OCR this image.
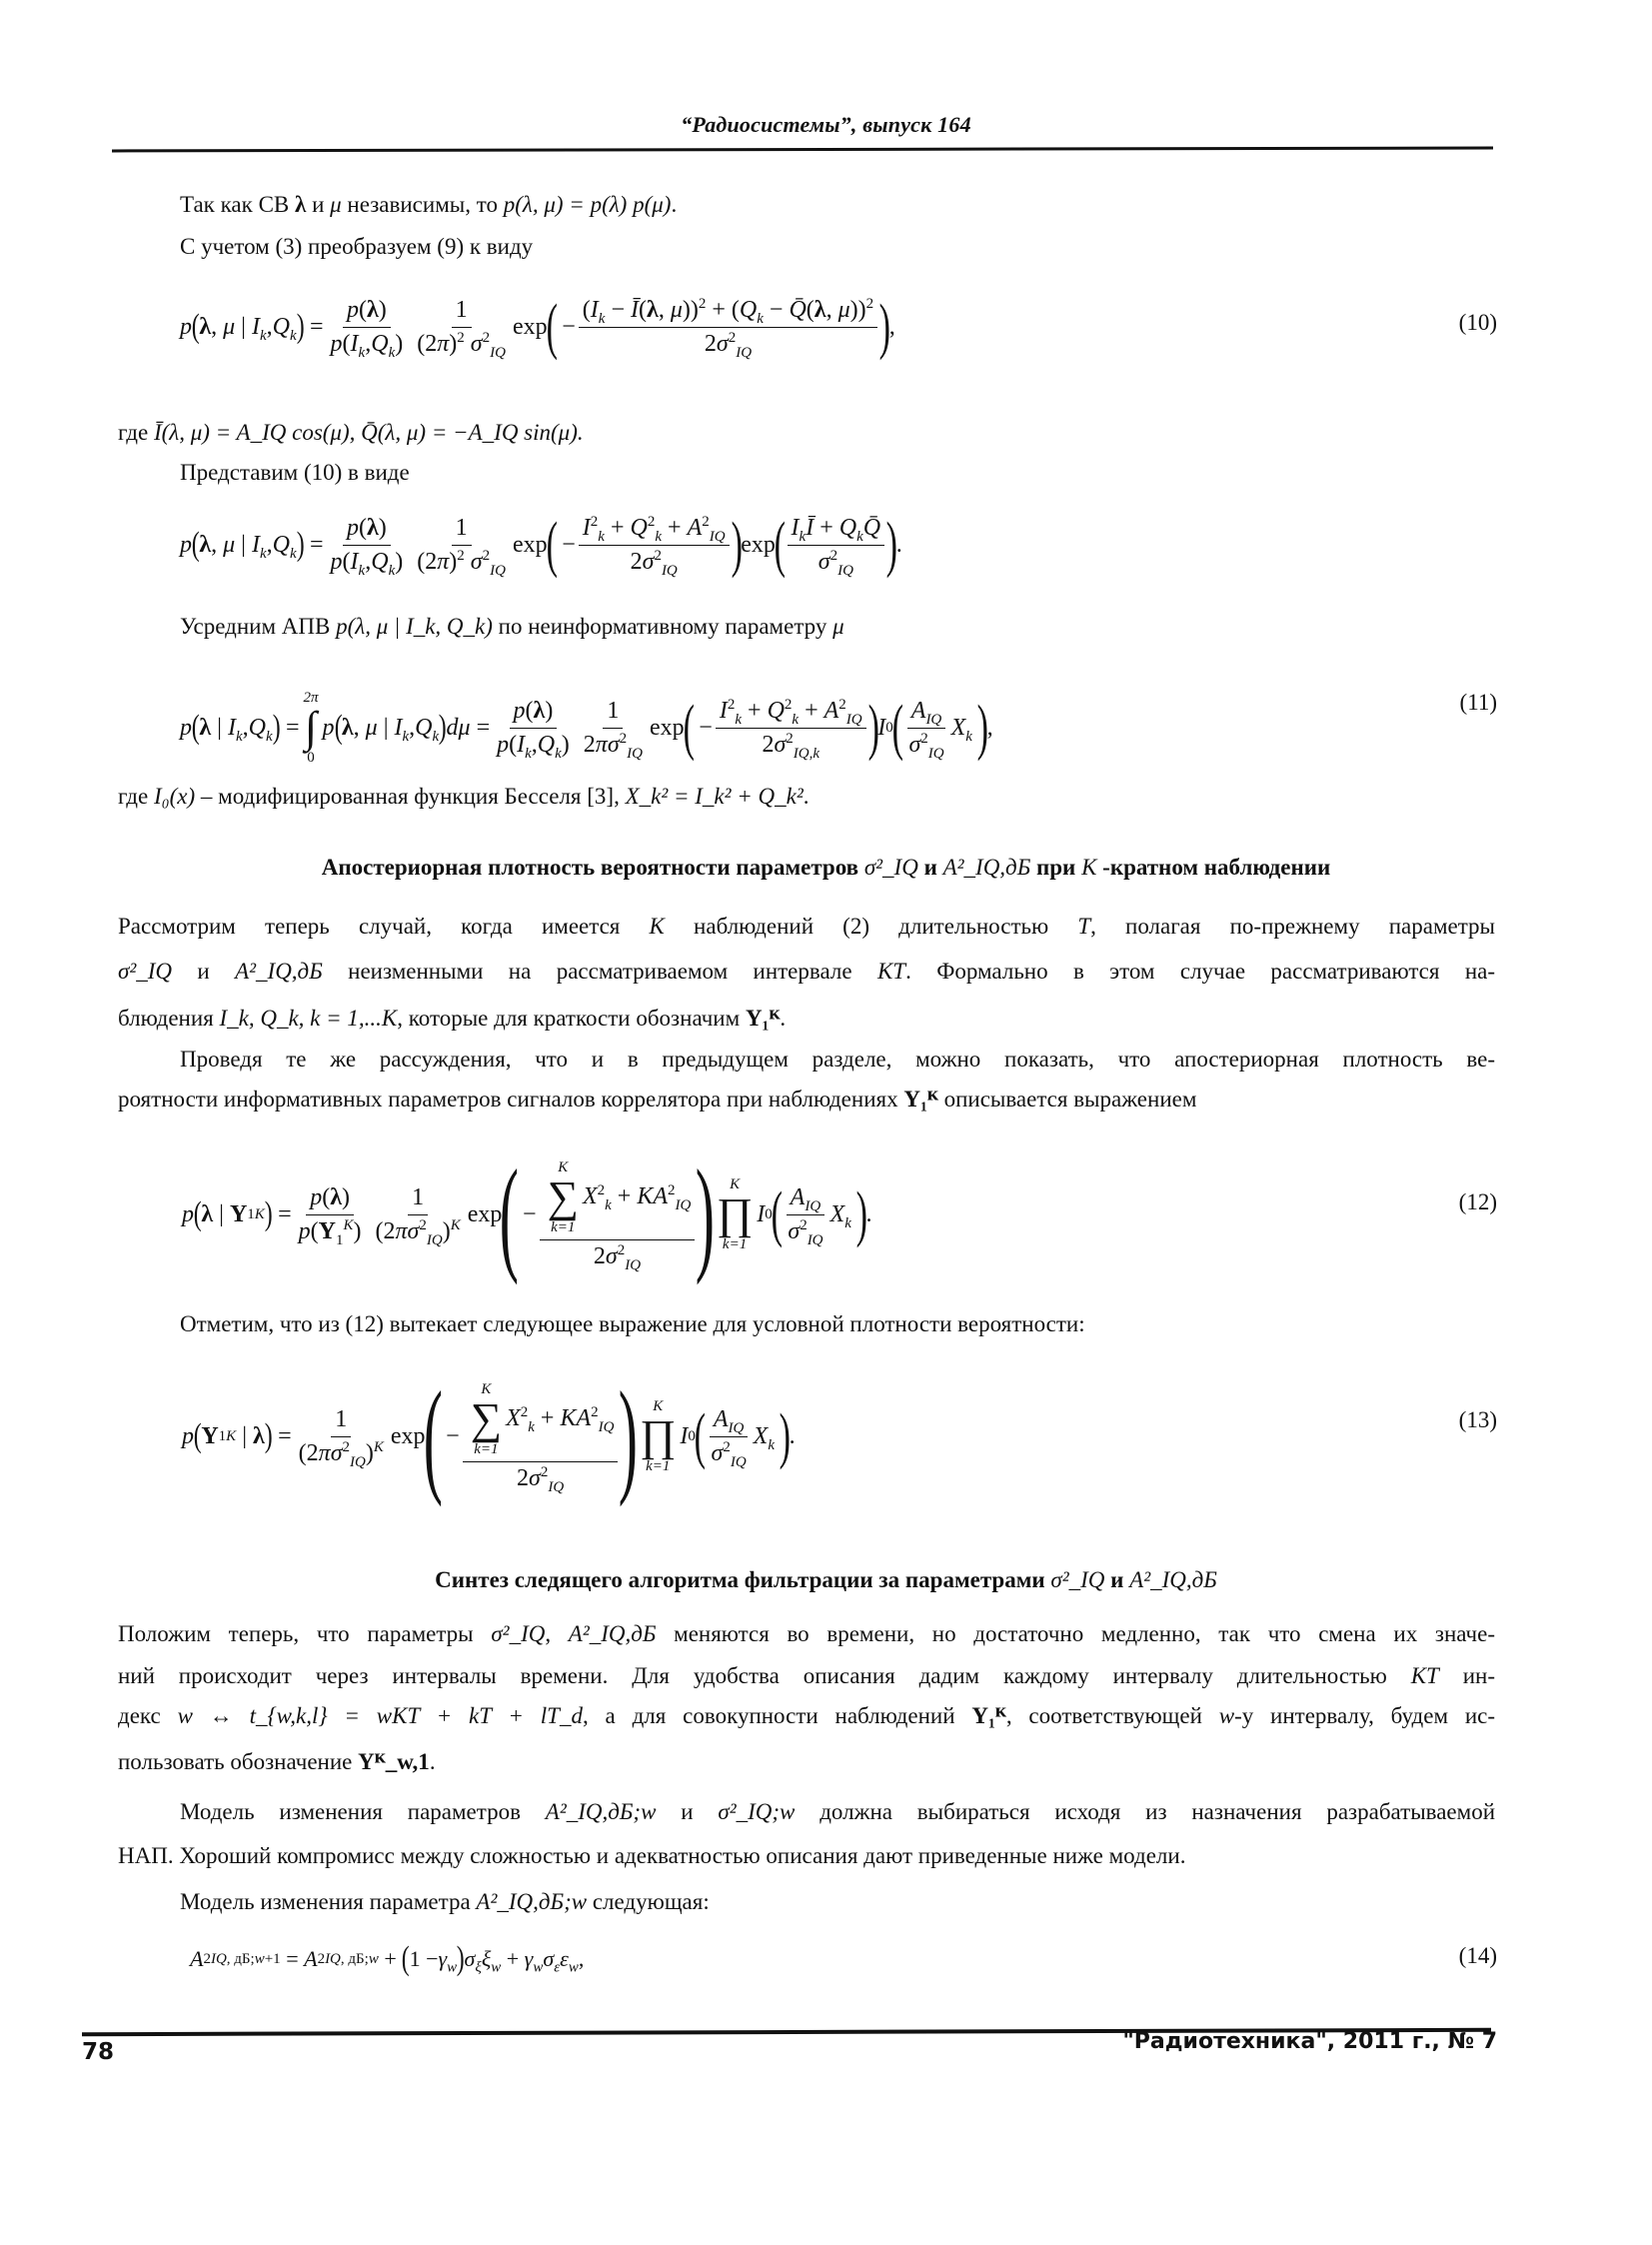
“Радиосистемы”, выпуск 164
Так как СВ λ и μ независимы, то p(λ, μ) = p(λ) p(μ).
С учетом (3) преобразуем (9) к виду
p ( λ , μ | $I_k$ , $Q_k$ ) = $\frac{p(\lambda)}{p(I_k,Q_k)} \frac{1}{(2\pi)^2 \sigma^2_{IQ}}$ exp
(
− $\frac{(I_k - Ī(\lambda, \mu))^2 + (Q_k - Q̄(\lambda, \mu))^2}{2\sigma^2_{IQ}}$ )
,	(10)
где Ī(λ, μ) = A_IQ cos(μ), Q̄(λ, μ) = −A_IQ sin(μ).
Представим (10) в виде
p ( λ , μ | $I_k$ , $Q_k$ ) = $\frac{p(\lambda)}{p(I_k,Q_k)} \frac{1}{(2\pi)^2 \sigma^2_{IQ}}$ exp
(
− $\frac{I^2_k + Q^2_k + A^2_{IQ}}{2\sigma^2_{IQ}}$ )
exp
( $\frac{I_kĪ + Q_kQ̄}{\sigma^2_{IQ}}$ )
.
Усредним АПВ p(λ, μ | I_k, Q_k) по неинформативному параметру μ
p ( λ | $I_k$ , $Q_k$ ) =
2π
∫
0
p ( λ , μ | $I_k$ , $Q_k$ ) $d\mu = \frac{p(\lambda)}{p(I_k,Q_k)} \frac{1}{2\pi\sigma^2_{IQ}}$ exp
(
− $\frac{I^2_k + Q^2_k + A^2_{IQ}}{2\sigma^2_{IQ,k}}$ )
I 0
( $\frac{A_{IQ}}{\sigma^2_{IQ}} X_k$
)
,
(11)
где I₀(x) – модифицированная функция Бесселя [3], X_k² = I_k² + Q_k².
Апостериорная плотность вероятности параметров σ²_IQ и A²_IQ,дБ при K -кратном наблюдении
Рассмотрим теперь случай, когда имеется K наблюдений (2) длительностью T, полагая по-прежнему параметры
σ²_IQ и A²_IQ,дБ неизменными на рассматриваемом интервале KT. Формально в этом случае рассматриваются на-
блюдения I_k, Q_k, k = 1,...K, которые для краткости обозначим Y₁ᴷ.
Проведя те же рассуждения, что и в предыдущем разделе, можно показать, что апостериорная плотность ве-
роятности информативных параметров сигналов коррелятора при наблюдениях Y₁ᴷ описывается выражением
p ( λ | Y 1 K ) = $\frac{p(\lambda)}{p(Y_1^K)} \frac{1}{(2\pi\sigma^2_{IQ})^K}$ exp
(
− K
∑
k=1
$X^2_k + KA^2_{IQ}$
$2\sigma^2_{IQ}$ ) K
∏
k=1
I 0
( $\frac{A_{IQ}}{\sigma^2_{IQ}} X_k$
)
.	(12)
Отметим, что из (12) вытекает следующее выражение для условной плотности вероятности:
p ( Y 1 K | λ ) = $\frac{1}{(2\pi\sigma^2_{IQ})^K}$ exp
(
− K
∑
k=1
$X^2_k + KA^2_{IQ}$
$2\sigma^2_{IQ}$ ) K
∏
k=1
I 0
( $\frac{A_{IQ}}{\sigma^2_{IQ}} X_k$
)
.
(13)
Синтез следящего алгоритма фильтрации за параметрами σ²_IQ и A²_IQ,дБ
Положим теперь, что параметры σ²_IQ, A²_IQ,дБ меняются во времени, но достаточно медленно, так что смена их значе-
ний происходит через интервалы времени. Для удобства описания дадим каждому интервалу длительностью KT ин-
декс w ↔ t_{w,k,l} = wKT + kT + lT_d, а для совокупности наблюдений Y₁ᴷ, соответствующей w-у интервалу, будем ис-
пользовать обозначение Yᴷ_w,1.
Модель изменения параметров A²_IQ,дБ;w и σ²_IQ;w должна выбираться исходя из назначения разрабатываемой
НАП. Хороший компромисс между сложностью и адекватностью описания дают приведенные ниже модели.
Модель изменения параметра A²_IQ,дБ;w следующая:
A 2 IQ, дБ;w+1 = A 2 IQ, дБ;w + ( $1 - \gamma_w$ ) $\sigma_\xi\xi_w + \gamma_w\sigma_\varepsilon\varepsilon_w$ ,	(14)
78	"Радиотехника", 2011 г., № 7
